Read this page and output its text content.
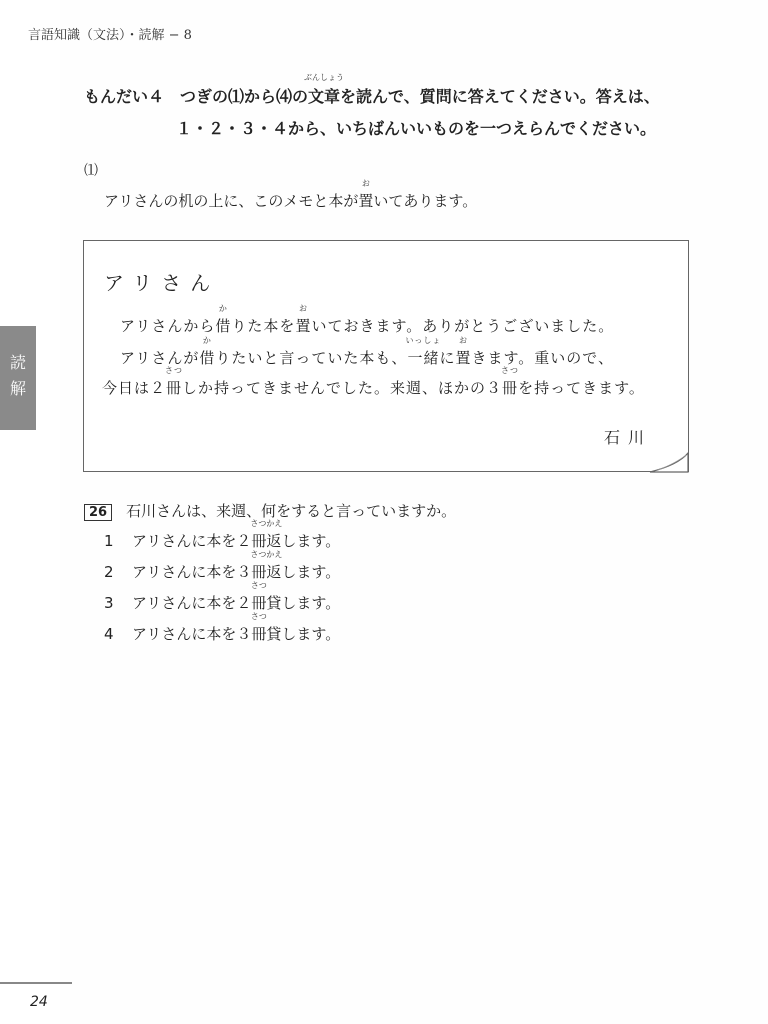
言語知識（文法）・読解 − 8
もんだい４　つぎの⑴から⑷の
ぶんしょう
文章を読んで、質問に答えてください。答えは、
１・２・３・４から、いちばんいいものを一つえらんでください。
⑴
アリさんの机の上に、このメモと本が
お
置いてあります。
アリさん
アリさんから
か
借りた本を
お
置いておきます。ありがとうございました。
アリさんが
か
借りたいと言っていた本も、
いっしょ
一緒に
お
置きます。重いので、
今日は２
さつ
冊しか持ってきませんでした。来週、ほかの３
さつ
冊を持ってきます。
石川
26 石川さんは、来週、何をすると言っていますか。
1 アリさんに本を２
さつかえ
冊返します。
2 アリさんに本を３
さつかえ
冊返します。
3 アリさんに本を２
さつ
冊貸します。
4 アリさんに本を３
さつ
冊貸します。
読
解
24
